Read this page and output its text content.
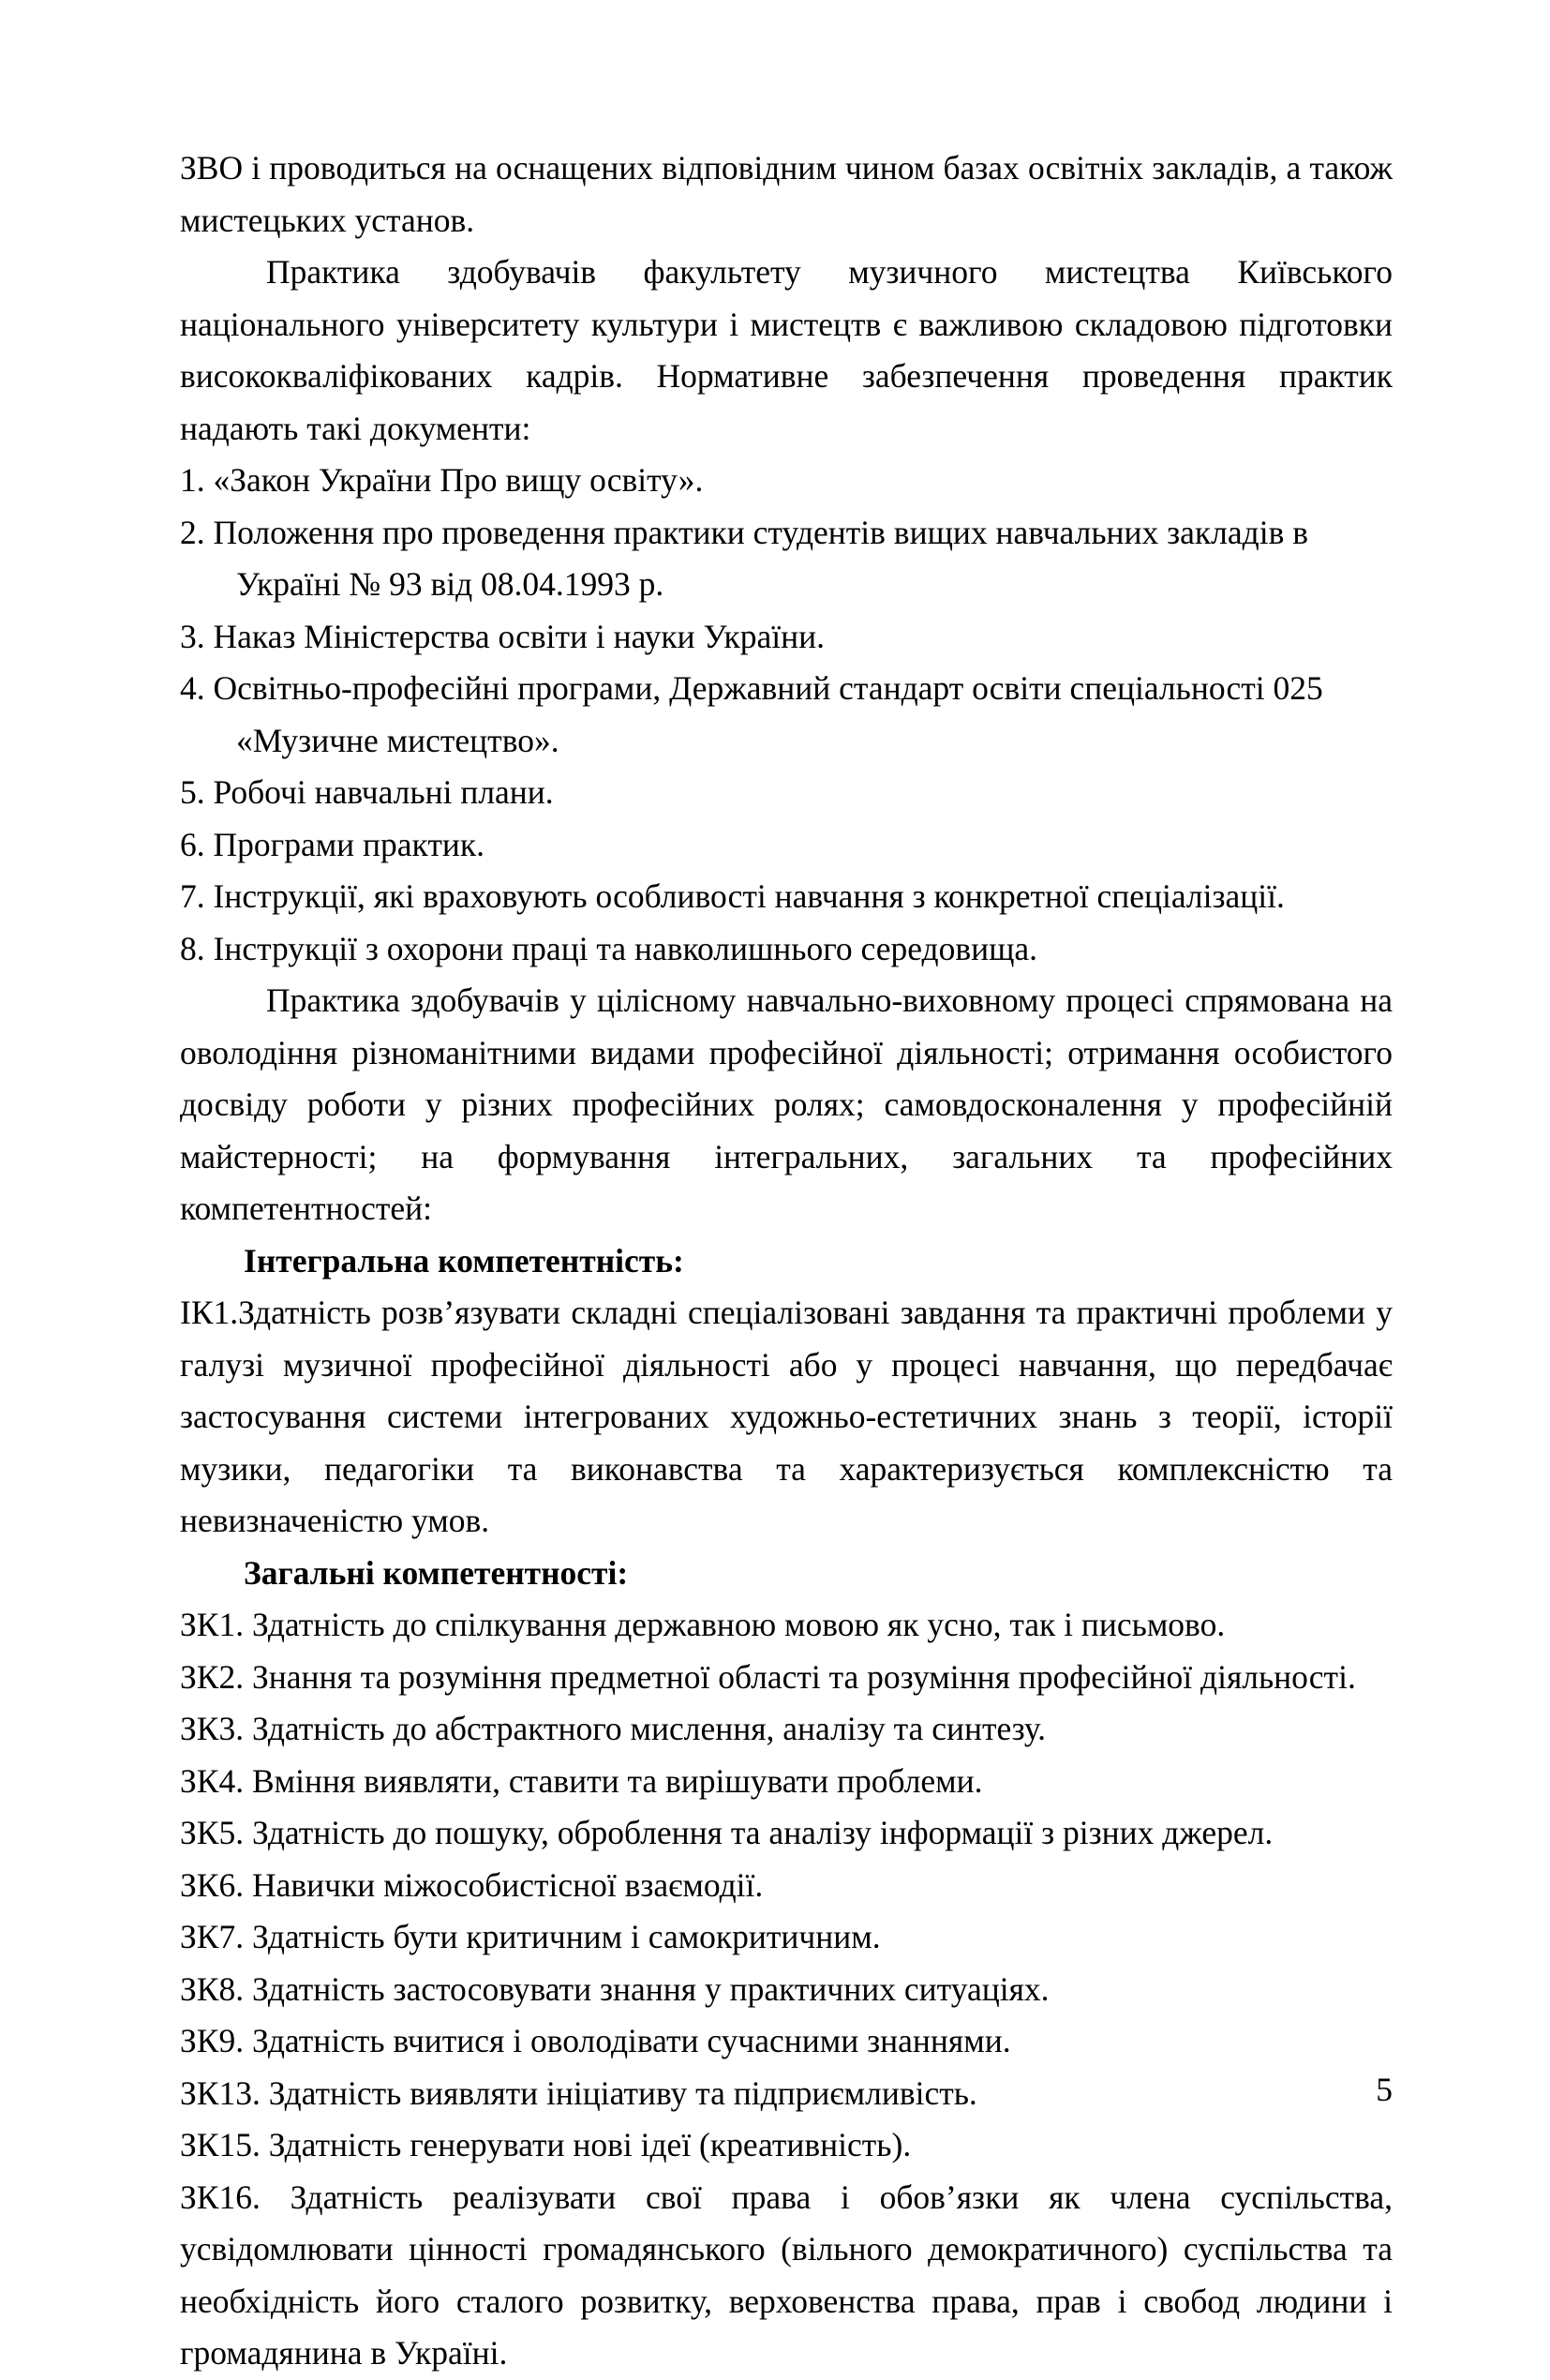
ЗВО і проводиться на оснащених відповідним чином базах освітніх закладів, а також мистецьких установ.

Практика здобувачів факультету музичного мистецтва Київського національного університету культури і мистецтв є важливою складовою підготовки висококваліфікованих кадрів. Нормативне забезпечення проведення практик надають такі документи:

1. «Закон України Про вищу освіту».
2. Положення про проведення практики студентів вищих навчальних закладів в
Україні № 93 від 08.04.1993 р.
3. Наказ Міністерства освіти і науки України.
4. Освітньо-професійні програми, Державний стандарт освіти спеціальності 025
«Музичне мистецтво».
5. Робочі навчальні плани.
6. Програми практик.
7. Інструкції, які враховують особливості навчання з конкретної спеціалізації.
8. Інструкції з охорони праці та навколишнього середовища.

Практика здобувачів у цілісному навчально-виховному процесі спрямована на оволодіння різноманітними видами професійної діяльності; отримання особистого досвіду роботи у різних професійних ролях; самовдосконалення у професійній майстерності; на формування інтегральних, загальних та професійних компетентностей:

Інтегральна компетентність:

ІК1.Здатність розв’язувати складні спеціалізовані завдання та практичні проблеми у галузі музичної професійної діяльності або у процесі навчання, що передбачає застосування системи інтегрованих художньо-естетичних знань з теорії, історії музики, педагогіки та виконавства та характеризується комплексністю та невизначеністю умов.

Загальні компетентності:

ЗК1. Здатність до спілкування державною мовою як усно, так і письмово.
ЗК2. Знання та розуміння предметної області та розуміння професійної діяльності.
ЗК3. Здатність до абстрактного мислення, аналізу та синтезу.
ЗК4. Вміння виявляти, ставити та вирішувати проблеми.
ЗК5. Здатність до пошуку, оброблення та аналізу інформації з різних джерел.
ЗК6. Навички міжособистісної взаємодії.
ЗК7. Здатність бути критичним і самокритичним.
ЗК8. Здатність застосовувати знання у практичних ситуаціях.
ЗК9. Здатність вчитися і оволодівати сучасними знаннями.
ЗК13. Здатність виявляти ініціативу та підприємливість.
ЗК15. Здатність генерувати нові ідеї (креативність).
ЗК16. Здатність реалізувати свої права і обов’язки як члена суспільства, усвідомлювати цінності громадянського (вільного демократичного) суспільства та необхідність його сталого розвитку, верховенства права, прав і свобод людини і громадянина в Україні.
5
